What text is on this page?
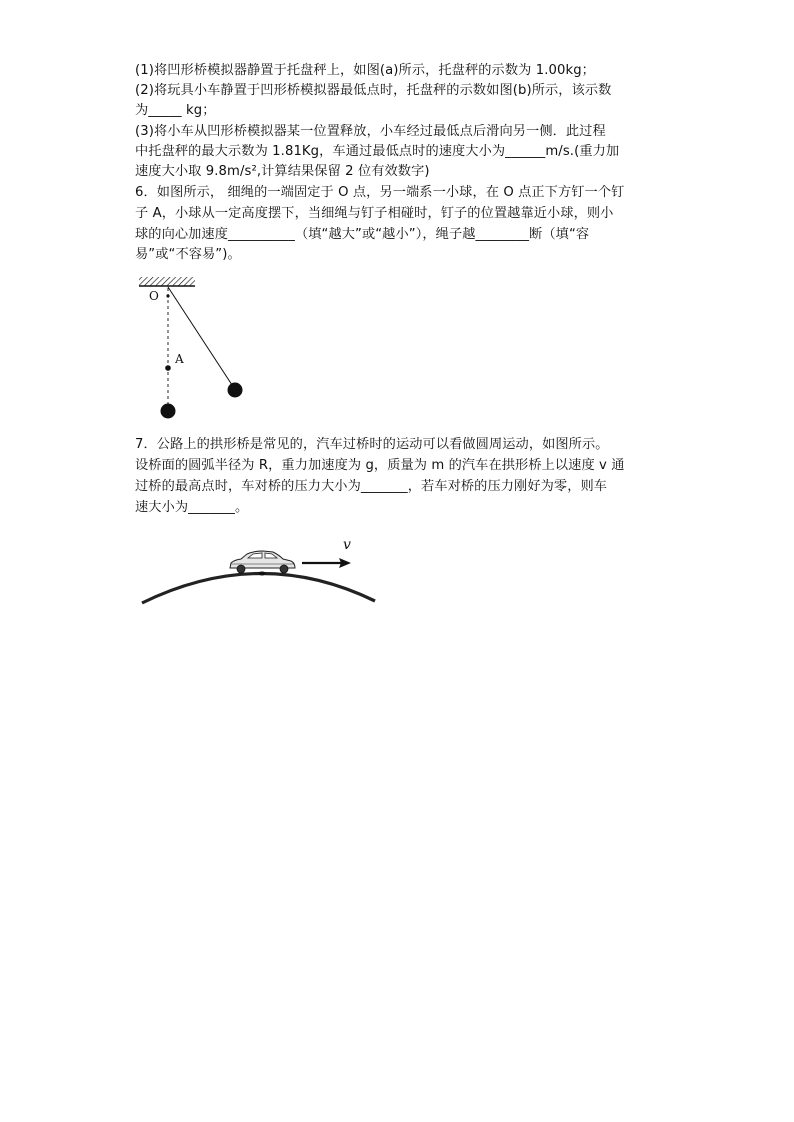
(1)将凹形桥模拟器静置于托盘秤上，如图(a)所示，托盘秤的示数为 1.00kg；
(2)将玩具小车静置于凹形桥模拟器最低点时，托盘秤的示数如图(b)所示，该示数
为_____ kg；
(3)将小车从凹形桥模拟器某一位置释放，小车经过最低点后滑向另一侧．此过程
中托盘秤的最大示数为 1.81Kg，车通过最低点时的速度大小为______m/s.(重力加
速度大小取 9.8m/s²,计算结果保留 2 位有效数字)
6．如图所示， 细绳的一端固定于 O 点，另一端系一小球，在 O 点正下方钉一个钉
子 A，小球从一定高度摆下，当细绳与钉子相碰时，钉子的位置越靠近小球，则小
球的向心加速度__________（填“越大”或“越小”），绳子越________断（填“容
易”或“不容易”)。
O
A
7．公路上的拱形桥是常见的，汽车过桥时的运动可以看做圆周运动，如图所示。
设桥面的圆弧半径为 R，重力加速度为 g，质量为 m 的汽车在拱形桥上以速度 v 通
过桥的最高点时，车对桥的压力大小为_______，若车对桥的压力刚好为零，则车
速大小为_______。
v
